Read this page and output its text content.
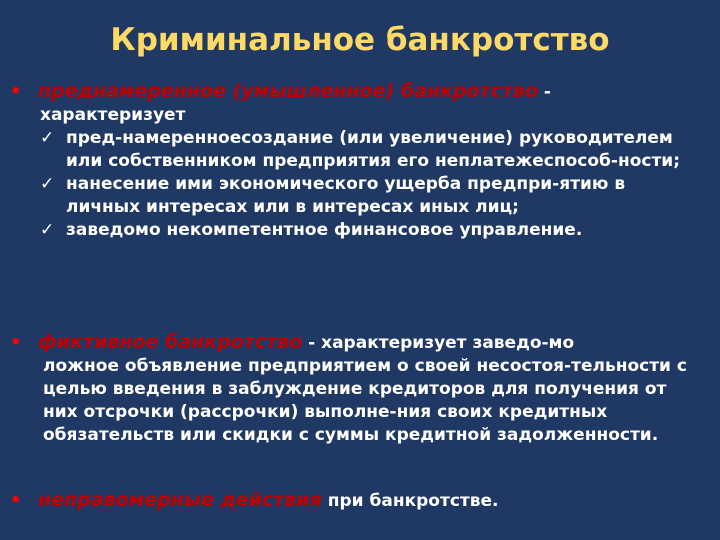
Криминальное банкротство
• преднамеренное (умышленное) банкротство -
характеризует
✓ пред-намеренноесоздание (или увеличение) руководителем или собственником предприятия его неплатежеспособ-ности;
✓ нанесение ими экономического ущерба предпри-ятию в личных интересах или в интересах иных лиц;
✓ заведомо некомпетентное финансовое управление.
• фиктивное банкротство - характеризует заведо-мо
ложное объявление предприятием о своей несостоя-тельности с целью введения в заблуждение кредиторов для получения от них отсрочки (рассрочки) выполне-ния своих кредитных обязательств или скидки с суммы кредитной задолженности.
• неправомерные действия при банкротстве.
